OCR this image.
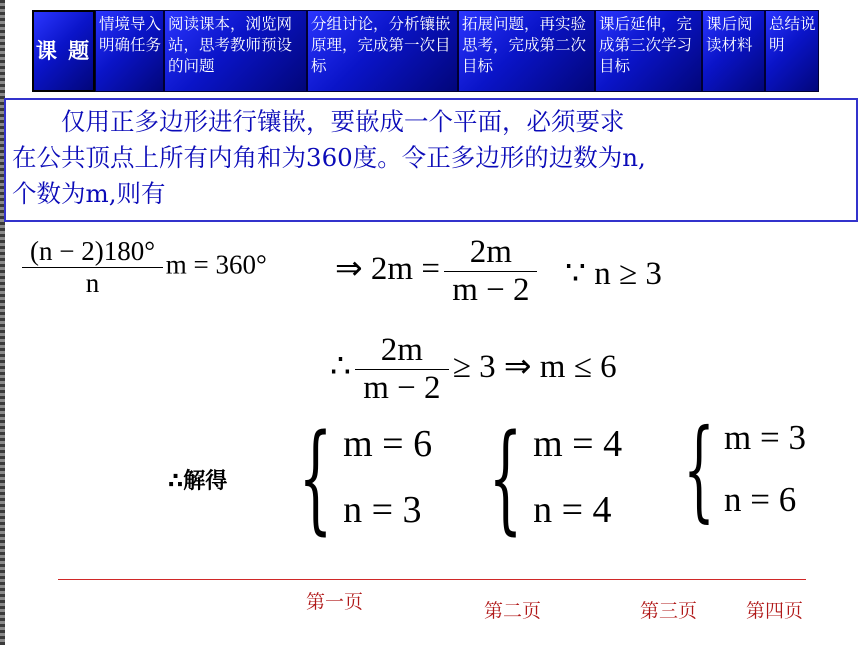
课 题
情境导入明确任务
阅读课本，浏览网站，思考教师预设的问题
分组讨论，分析镶嵌原理，完成第一次目标
拓展问题，再实验思考，完成第二次目标
课后延伸，完成第三次学习目标
课后阅读材料
总结说明
　　仅用正多边形进行镶嵌，要嵌成一个平面，必须要求
在公共顶点上所有内角和为360度。令正多边形的边数为n,
个数为m,则有
$\frac{(n - 2)180^\circ}{n}$ m = 360° ⇒ $2m = \frac{2m}{m - 2}$ ∵ n ≥ 3
∴ $\frac{2m}{m - 2} \ge 3$ ⇒ m ≤ 6
∴解得 { m = 6
n = 3 { m = 4
n = 4 { m = 3
n = 6
第一页	第二页	第三页	第四页
